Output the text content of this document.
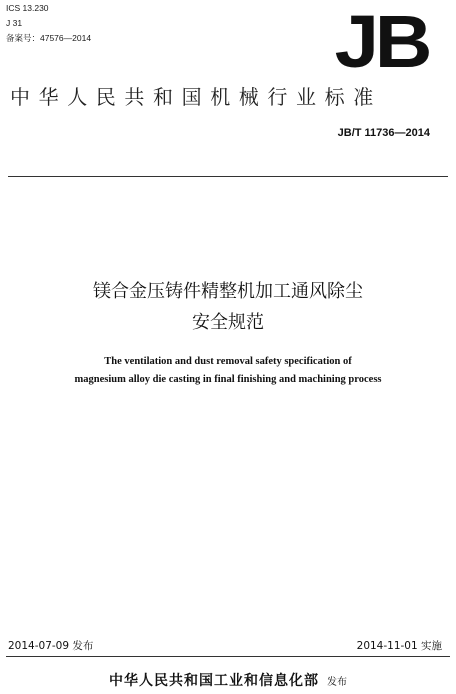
ICS 13.230
J 31
备案号：47576—2014	JB
中华人民共和国机械行业标准
JB/T 11736—2014
镁合金压铸件精整机加工通风除尘
安全规范
The ventilation and dust removal safety specification of
magnesium alloy die casting in final finishing and machining process
2014-07-09 发布	2014-11-01 实施
中华人民共和国工业和信息化部 发布
